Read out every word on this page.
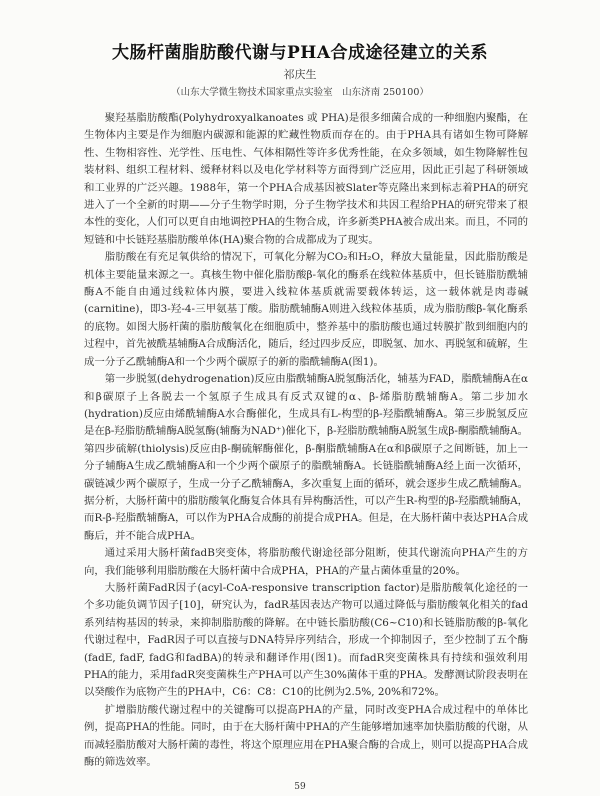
大肠杆菌脂肪酸代谢与PHA合成途径建立的关系
祁庆生
（山东大学微生物技术国家重点实验室　山东济南 250100）

聚羟基脂肪酸酯(Polyhydroxyalkanoates 或 PHA)是很多细菌合成的一种细胞内聚酯，在生物体内主要是作为细胞内碳源和能源的贮藏性物质而存在的。由于PHA具有诸如生物可降解性、生物相容性、光学性、压电性、气体相隔性等许多优秀性能，在众多领域，如生物降解性包装材料、组织工程材料、缓释材料以及电化学材料等方面得到广泛应用，因此正引起了科研领域和工业界的广泛兴趣。1988年，第一个PHA合成基因被Slater等克隆出来到标志着PHA的研究进入了一个全新的时期——分子生物学时期，分子生物学技术和共因工程给PHA的研究带来了根本性的变化，人们可以更自由地调控PHA的生物合成，许多新类PHA被合成出来。而且，不同的短链和中长链羟基脂肪酸单体(HA)聚合物的合成都成为了现实。

脂肪酸在有充足氧供给的情况下，可氧化分解为CO₂和H₂O，释放大量能量，因此脂肪酸是机体主要能量来源之一。真核生物中催化脂肪酸β-氧化的酶系在线粒体基质中，但长链脂肪酰辅酶A不能自由通过线粒体内膜，要进入线粒体基质就需要载体转运，这一载体就是肉毒碱(carnitine)，即3-羟-4-三甲氨基丁酸。脂肪酰辅酶A则进入线粒体基质，成为脂肪酸β-氧化酶系的底物。如图大肠杆菌的脂肪酸氧化在细胞质中，整养基中的脂肪酸也通过转膜扩散到细胞内的过程中，首先被酰基辅酶A合成酶活化，随后，经过四步反应，即脱氢、加水、再脱氢和硫解，生成一分子乙酰辅酶A和一个少两个碳原子的新的脂酰辅酶A(图1)。

第一步脱氢(dehydrogenation)反应由脂酰辅酶A脱氢酶活化，辅基为FAD，脂酰辅酶A在α和β碳原子上各脱去一个氢原子生成具有反式双键的α、β-烯脂肪酰辅酶A。第二步加水(hydration)反应由烯酰辅酶A水合酶催化，生成具有L-构型的β-羟脂酰辅酶A。第三步脱氢反应是在β-羟脂肪酰辅酶A脱氢酶(辅酶为NAD⁺)催化下，β-羟脂肪酰辅酶A脱氢生成β-酮脂酰辅酶A。第四步硫解(thiolysis)反应由β-酮硫解酶催化，β-酮脂酰辅酶A在α和β碳原子之间断链，加上一分子辅酶A生成乙酰辅酶A和一个少两个碳原子的脂酰辅酶A。长链脂酰辅酶A经上面一次循环，碳链减少两个碳原子，生成一分子乙酰辅酶A，多次重复上面的循环，就会逐步生成乙酰辅酶A。据分析，大肠杆菌中的脂肪酸氧化酶复合体具有异构酶活性，可以产生R-构型的β-羟脂酰辅酶A，而R-β-羟脂酰辅酶A，可以作为PHA合成酶的前提合成PHA。但是，在大肠杆菌中表达PHA合成酶后，并不能合成PHA。

通过采用大肠杆菌fadB突变体，将脂肪酸代谢途径部分阻断，使其代谢流向PHA产生的方向，我们能够利用脂肪酸在大肠杆菌中合成PHA，PHA的产量占菌体重量的20%。

大肠杆菌FadR因子(acyl-CoA-responsive transcription factor)是脂肪酸氧化途径的一个多功能负调节因子[10]，研究认为，fadR基因表达产物可以通过降低与脂肪酸氧化相关的fad系列结构基因的转录，来抑制脂肪酸的降解。在中链长脂肪酸(C6~C10)和长链脂肪酸的β-氧化代谢过程中，FadR因子可以直接与DNA特异序列结合，形成一个抑制因子，至少控制了五个酶(fadE, fadF, fadG和fadBA)的转录和翻译作用(图1)。而fadR突变菌株具有持续和强效利用PHA的能力，采用fadR突变菌株生产PHA可以产生30%菌体干重的PHA。发酵测试阶段表明在以癸酸作为底物产生的PHA中，C6：C8：C10的比例为2.5%, 20%和72%。

扩增脂肪酸代谢过程中的关键酶可以提高PHA的产量，同时改变PHA合成过程中的单体比例，提高PHA的性能。同时，由于在大肠杆菌中PHA的产生能够增加速率加快脂肪酸的代谢，从而减轻脂肪酸对大肠杆菌的毒性，将这个原理应用在PHA聚合酶的合成上，则可以提高PHA合成酶的筛选效率。

59
